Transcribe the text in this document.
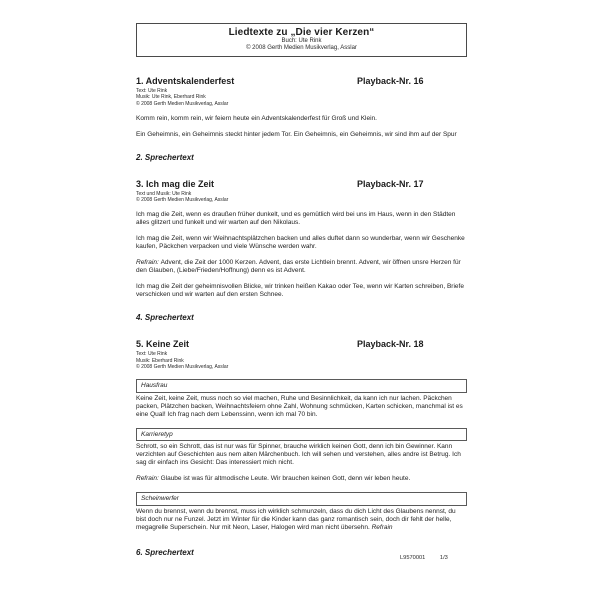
Liedtexte zu „Die vier Kerzen“
Buch: Ute Rink
© 2008 Gerth Medien Musikverlag, Asslar
1. Adventskalenderfest	Playback-Nr. 16
Text: Ute Rink
Musik: Ute Rink, Eberhard Rink
© 2008 Gerth Medien Musikverlag, Asslar

Komm rein, komm rein, wir feiern heute ein Adventskalenderfest für Groß und Klein.

Ein Geheimnis, ein Geheimnis steckt hinter jedem Tor. Ein Geheimnis, ein Geheimnis, wir sind ihm auf der Spur

2. Sprechertext
3. Ich mag die Zeit	Playback-Nr. 17
Text und Musik: Ute Rink
© 2008 Gerth Medien Musikverlag, Asslar

Ich mag die Zeit, wenn es draußen früher dunkelt, und es gemütlich wird bei uns im Haus, wenn in den Städten alles glitzert und funkelt und wir warten auf den Nikolaus.

Ich mag die Zeit, wenn wir Weihnachtsplätzchen backen und alles duftet dann so wunderbar, wenn wir Geschenke kaufen, Päckchen verpacken und viele Wünsche werden wahr.

Refrain: Advent, die Zeit der 1000 Kerzen. Advent, das erste Lichtlein brennt. Advent, wir öffnen unsre Herzen für den Glauben, (Liebe/Frieden/Hoffnung) denn es ist Advent.

Ich mag die Zeit der geheimnisvollen Blicke, wir trinken heißen Kakao oder Tee, wenn wir Karten schreiben, Briefe verschicken und wir warten auf den ersten Schnee.

4. Sprechertext
5. Keine Zeit	Playback-Nr. 18
Text: Ute Rink
Musik: Eberhard Rink
© 2008 Gerth Medien Musikverlag, Asslar
Hausfrau

Keine Zeit, keine Zeit, muss noch so viel machen, Ruhe und Besinnlichkeit, da kann ich nur lachen. Päckchen packen, Plätzchen backen, Weihnachtsfeiern ohne Zahl, Wohnung schmücken, Karten schicken, manchmal ist es eine Qual! Ich frag nach dem Lebenssinn, wenn ich mal 70 bin.

Karrieretyp

Schrott, so ein Schrott, das ist nur was für Spinner, brauche wirklich keinen Gott, denn ich bin Gewinner. Kann verzichten auf Geschichten aus nem alten Märchenbuch. Ich will sehen und verstehen, alles andre ist Betrug. Ich sag dir einfach ins Gesicht: Das interessiert mich nicht.

Refrain: Glaube ist was für altmodische Leute. Wir brauchen keinen Gott, denn wir leben heute.

Scheinwerfer

Wenn du brennst, wenn du brennst, muss ich wirklich schmunzeln, dass du dich Licht des Glaubens nennst, du bist doch nur ne Funzel. Jetzt im Winter für die Kinder kann das ganz romantisch sein, doch dir fehlt der helle, megagrelle Superschein. Nur mit Neon, Laser, Halogen wird man nicht übersehn. Refrain

6. Sprechertext
L9570001	1/3
